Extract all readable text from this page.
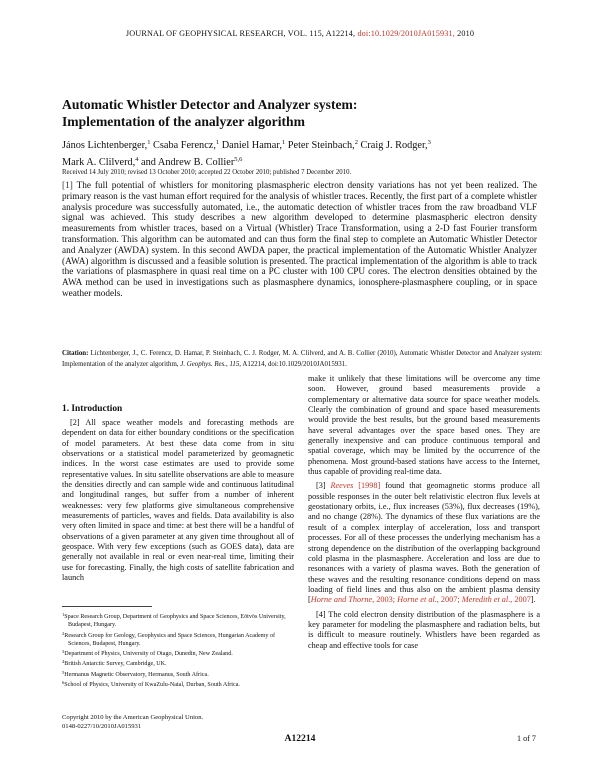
JOURNAL OF GEOPHYSICAL RESEARCH, VOL. 115, A12214, doi:10.1029/2010JA015931, 2010
Automatic Whistler Detector and Analyzer system:
Implementation of the analyzer algorithm
János Lichtenberger,$^1$ Csaba Ferencz,$^1$ Daniel Hamar,$^1$ Peter Steinbach,$^2$ Craig J. Rodger,$^3$
Mark A. Clilverd,$^4$ and Andrew B. Collier$^{5,6}$
Received 14 July 2010; revised 13 October 2010; accepted 22 October 2010; published 7 December 2010.
[1] The full potential of whistlers for monitoring plasmaspheric electron density variations has not yet been realized. The primary reason is the vast human effort required for the analysis of whistler traces. Recently, the first part of a complete whistler analysis procedure was successfully automated, i.e., the automatic detection of whistler traces from the raw broadband VLF signal was achieved. This study describes a new algorithm developed to determine plasmaspheric electron density measurements from whistler traces, based on a Virtual (Whistler) Trace Transformation, using a 2-D fast Fourier transform transformation. This algorithm can be automated and can thus form the final step to complete an Automatic Whistler Detector and Analyzer (AWDA) system. In this second AWDA paper, the practical implementation of the Automatic Whistler Analyzer (AWA) algorithm is discussed and a feasible solution is presented. The practical implementation of the algorithm is able to track the variations of plasmasphere in quasi real time on a PC cluster with 100 CPU cores. The electron densities obtained by the AWA method can be used in investigations such as plasmasphere dynamics, ionosphere-plasmasphere coupling, or in space weather models.
Citation: Lichtenberger, J., C. Ferencz, D. Hamar, P. Steinbach, C. J. Rodger, M. A. Clilverd, and A. B. Collier (2010), Automatic Whistler Detector and Analyzer system: Implementation of the analyzer algorithm, J. Geophys. Res., 115, A12214, doi:10.1029/2010JA015931.
1. Introduction

[2] All space weather models and forecasting methods are dependent on data for either boundary conditions or the specification of model parameters. At best these data come from in situ observations or a statistical model parameterized by geomagnetic indices. In the worst case estimates are used to provide some representative values. In situ satellite observations are able to measure the densities directly and can sample wide and continuous latitudinal and longitudinal ranges, but suffer from a number of inherent weaknesses: very few platforms give simultaneous comprehensive measurements of particles, waves and fields. Data availability is also very often limited in space and time: at best there will be a handful of observations of a given parameter at any given time throughout all of geospace. With very few exceptions (such as GOES data), data are generally not available in real or even near-real time, limiting their use for forecasting. Finally, the high costs of satellite fabrication and launch

make it unlikely that these limitations will be overcome any time soon. However, ground based measurements provide a complementary or alternative data source for space weather models. Clearly the combination of ground and space based measurements would provide the best results, but the ground based measurements have several advantages over the space based ones. They are generally inexpensive and can produce continuous temporal and spatial coverage, which may be limited by the occurrence of the phenomena. Most ground-based stations have access to the Internet, thus capable of providing real-time data.

[3] Reeves [1998] found that geomagnetic storms produce all possible responses in the outer belt relativistic electron flux levels at geostationary orbits, i.e., flux increases (53%), flux decreases (19%), and no change (28%). The dynamics of these flux variations are the result of a complex interplay of acceleration, loss and transport processes. For all of these processes the underlying mechanism has a strong dependence on the distribution of the overlapping background cold plasma in the plasmasphere. Acceleration and loss are due to resonances with a variety of plasma waves. Both the generation of these waves and the resulting resonance conditions depend on mass loading of field lines and thus also on the ambient plasma density [Horne and Thorne, 2003; Horne et al., 2007; Meredith et al., 2007].

[4] The cold electron density distribution of the plasmasphere is a key parameter for modeling the plasmasphere and radiation belts, but is difficult to measure routinely. Whistlers have been regarded as cheap and effective tools for case

$^1$Space Research Group, Department of Geophysics and Space Sciences, Eötvös University, Budapest, Hungary.
$^2$Research Group for Geology, Geophysics and Space Sciences, Hungarian Academy of Sciences, Budapest, Hungary.
$^3$Department of Physics, University of Otago, Dunedin, New Zealand.
$^4$British Antarctic Survey, Cambridge, UK.
$^5$Hermanus Magnetic Observatory, Hermanus, South Africa.
$^6$School of Physics, University of KwaZulu-Natal, Durban, South Africa.
Copyright 2010 by the American Geophysical Union.
0148-0227/10/2010JA015931
A12214	1 of 7
